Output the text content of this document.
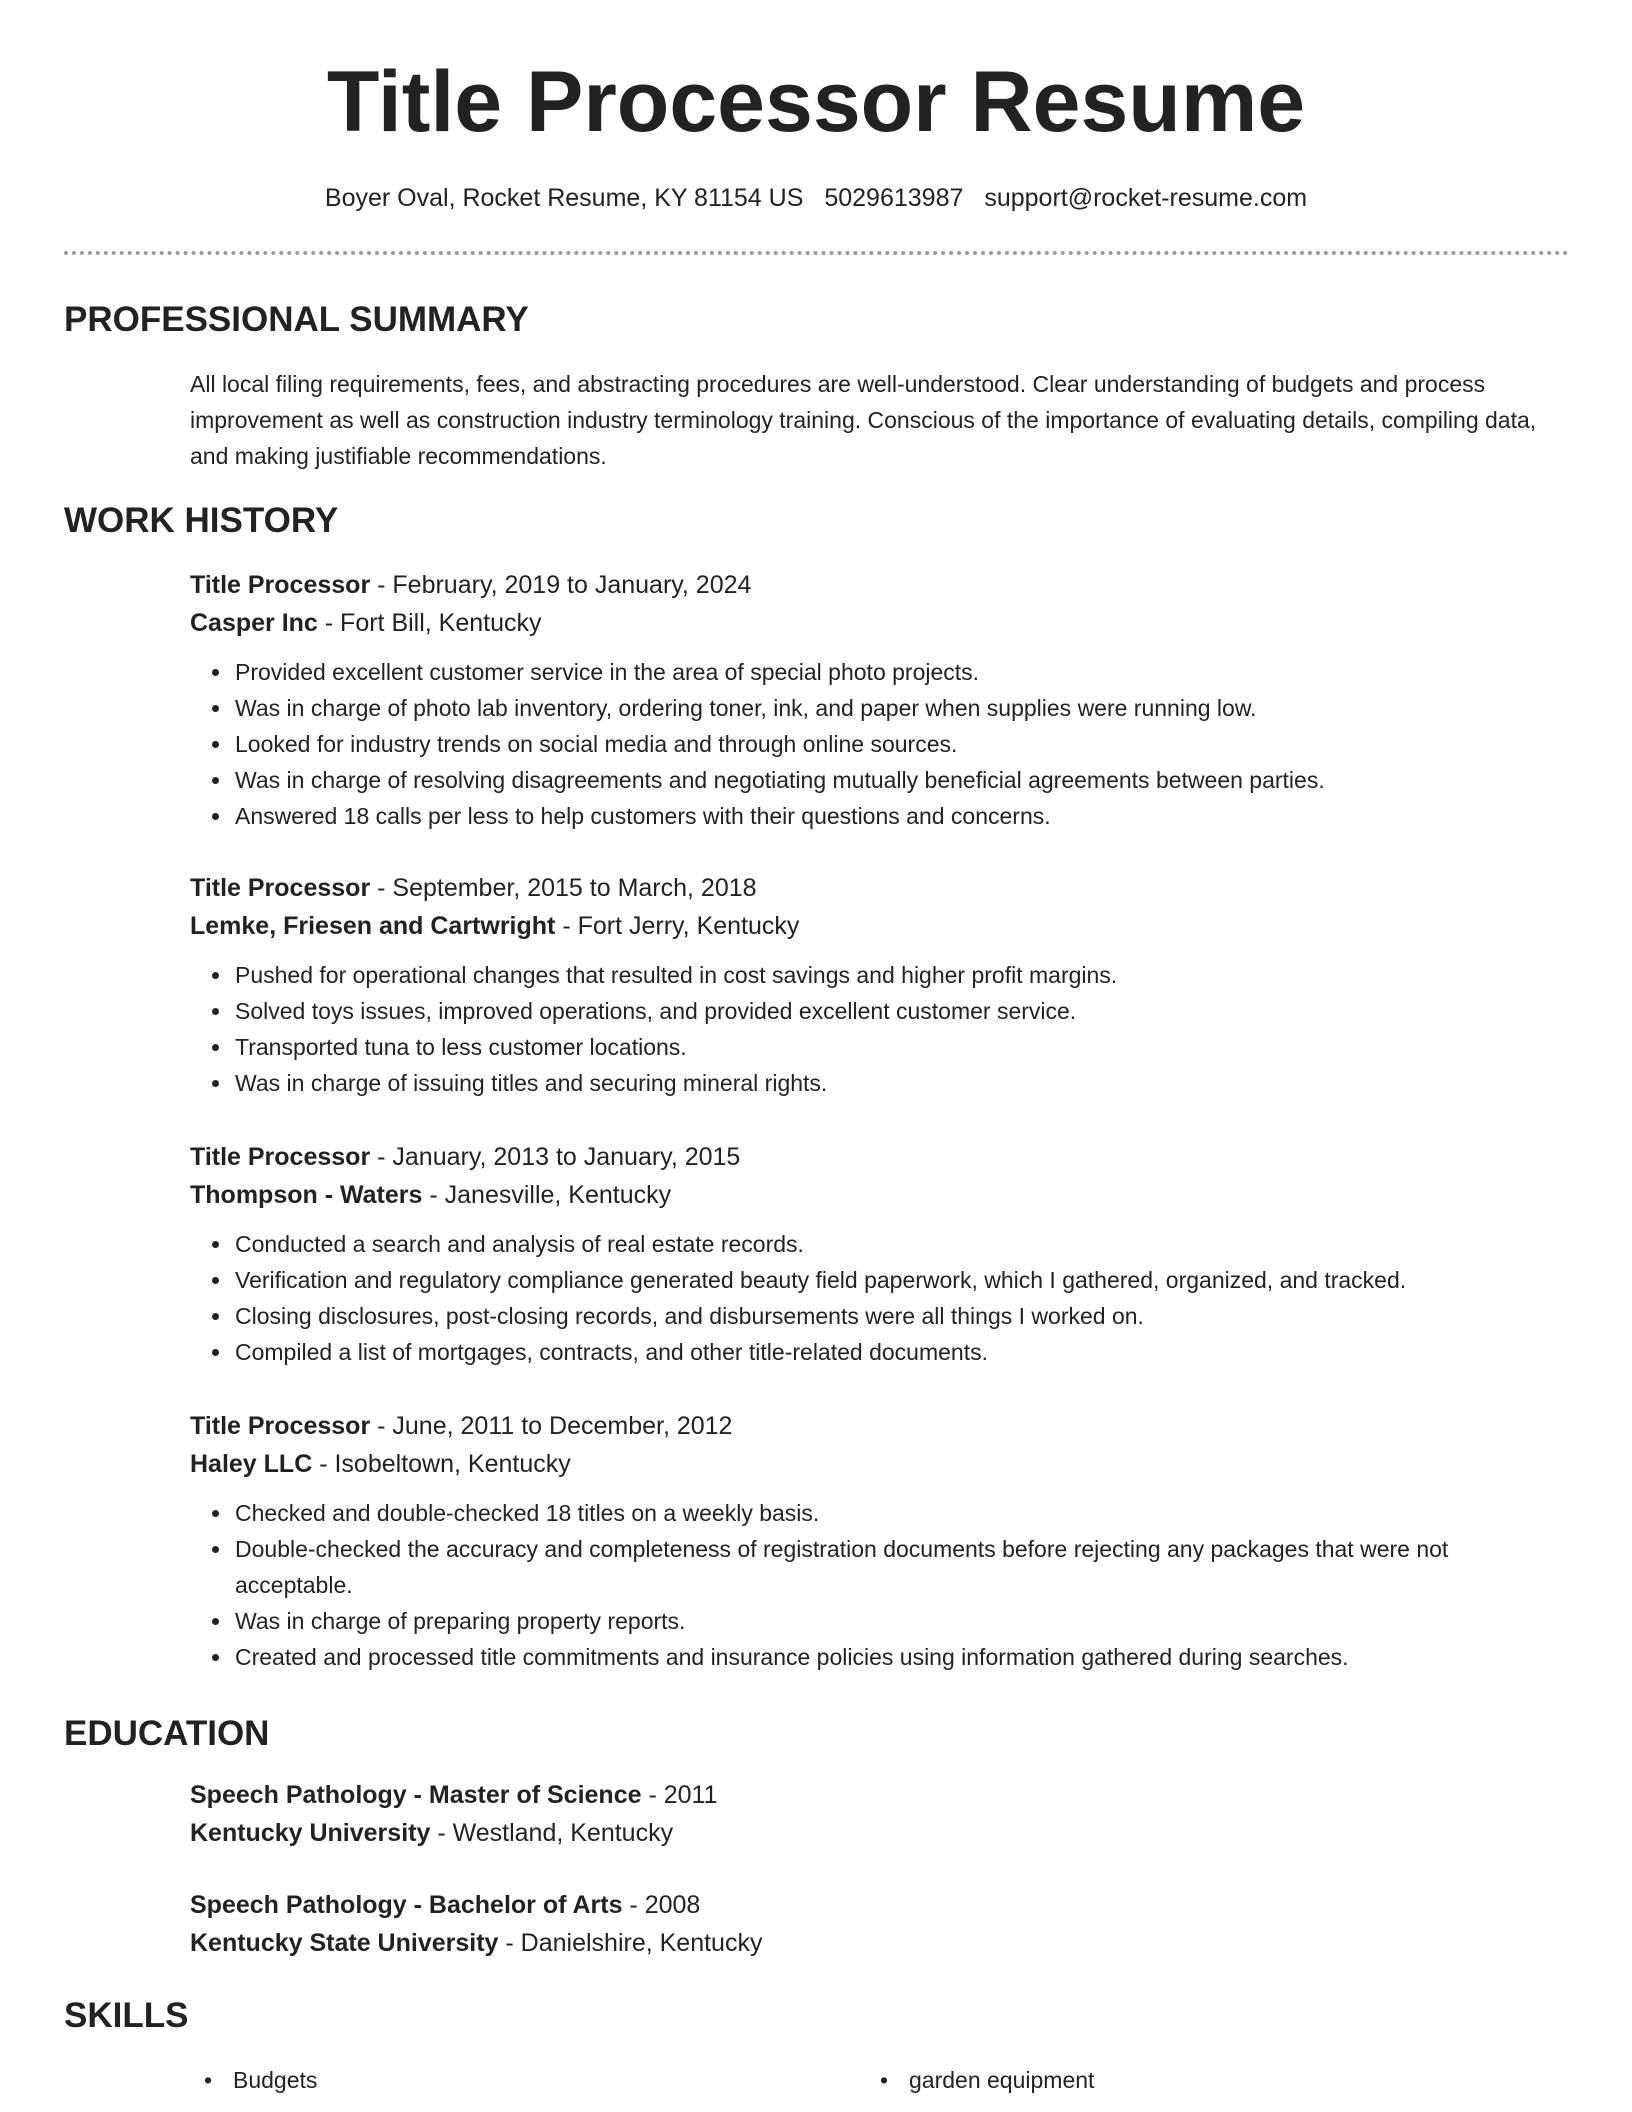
Title Processor Resume
Boyer Oval, Rocket Resume, KY 81154 US 5029613987 support@rocket-resume.com
PROFESSIONAL SUMMARY

All local filing requirements, fees, and abstracting procedures are well-understood. Clear understanding of budgets and process improvement as well as construction industry terminology training. Conscious of the importance of evaluating details, compiling data, and making justifiable recommendations.

WORK HISTORY
Title Processor - February, 2019 to January, 2024
Casper Inc - Fort Bill, Kentucky
• Provided excellent customer service in the area of special photo projects.
• Was in charge of photo lab inventory, ordering toner, ink, and paper when supplies were running low.
• Looked for industry trends on social media and through online sources.
• Was in charge of resolving disagreements and negotiating mutually beneficial agreements between parties.
• Answered 18 calls per less to help customers with their questions and concerns.
Title Processor - September, 2015 to March, 2018
Lemke, Friesen and Cartwright - Fort Jerry, Kentucky
• Pushed for operational changes that resulted in cost savings and higher profit margins.
• Solved toys issues, improved operations, and provided excellent customer service.
• Transported tuna to less customer locations.
• Was in charge of issuing titles and securing mineral rights.
Title Processor - January, 2013 to January, 2015
Thompson - Waters - Janesville, Kentucky
• Conducted a search and analysis of real estate records.
• Verification and regulatory compliance generated beauty field paperwork, which I gathered, organized, and tracked.
• Closing disclosures, post-closing records, and disbursements were all things I worked on.
• Compiled a list of mortgages, contracts, and other title-related documents.
Title Processor - June, 2011 to December, 2012
Haley LLC - Isobeltown, Kentucky
• Checked and double-checked 18 titles on a weekly basis.
• Double-checked the accuracy and completeness of registration documents before rejecting any packages that were not acceptable.
• Was in charge of preparing property reports.
• Created and processed title commitments and insurance policies using information gathered during searches.
EDUCATION
Speech Pathology - Master of Science - 2011
Kentucky University - Westland, Kentucky
Speech Pathology - Bachelor of Arts - 2008
Kentucky State University - Danielshire, Kentucky
SKILLS
• Budgets
•	garden equipment
